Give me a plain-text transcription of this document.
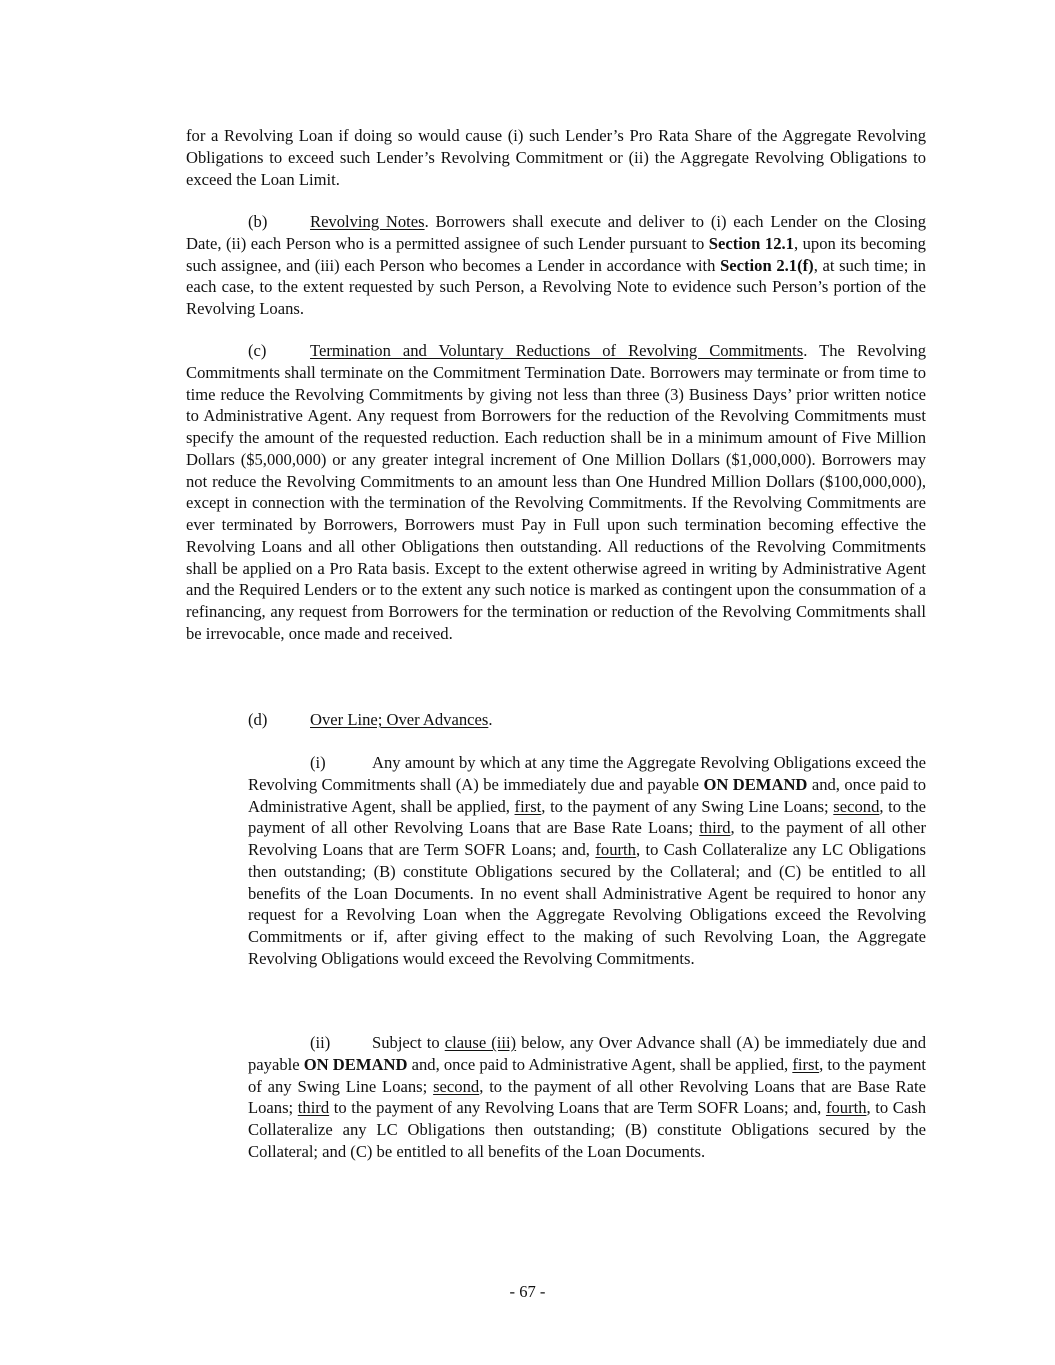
for a Revolving Loan if doing so would cause (i) such Lender’s Pro Rata Share of the Aggregate Revolving Obligations to exceed such Lender’s Revolving Commitment or (ii) the Aggregate Revolving Obligations to exceed the Loan Limit.

(b)	Revolving Notes. Borrowers shall execute and deliver to (i) each Lender on the Closing Date, (ii) each Person who is a permitted assignee of such Lender pursuant to Section 12.1, upon its becoming such assignee, and (iii) each Person who becomes a Lender in accordance with Section 2.1(f), at such time; in each case, to the extent requested by such Person, a Revolving Note to evidence such Person’s portion of the Revolving Loans.

(c)	Termination and Voluntary Reductions of Revolving Commitments. The Revolving Commitments shall terminate on the Commitment Termination Date. Borrowers may terminate or from time to time reduce the Revolving Commitments by giving not less than three (3) Business Days’ prior written notice to Administrative Agent. Any request from Borrowers for the reduction of the Revolving Commitments must specify the amount of the requested reduction. Each reduction shall be in a minimum amount of Five Million Dollars ($5,000,000) or any greater integral increment of One Million Dollars ($1,000,000). Borrowers may not reduce the Revolving Commitments to an amount less than One Hundred Million Dollars ($100,000,000), except in connection with the termination of the Revolving Commitments. If the Revolving Commitments are ever terminated by Borrowers, Borrowers must Pay in Full upon such termination becoming effective the Revolving Loans and all other Obligations then outstanding. All reductions of the Revolving Commitments shall be applied on a Pro Rata basis. Except to the extent otherwise agreed in writing by Administrative Agent and the Required Lenders or to the extent any such notice is marked as contingent upon the consummation of a refinancing, any request from Borrowers for the termination or reduction of the Revolving Commitments shall be irrevocable, once made and received.

(d)	Over Line; Over Advances.

(i)	Any amount by which at any time the Aggregate Revolving Obligations exceed the Revolving Commitments shall (A) be immediately due and payable ON DEMAND and, once paid to Administrative Agent, shall be applied, first, to the payment of any Swing Line Loans; second, to the payment of all other Revolving Loans that are Base Rate Loans; third, to the payment of all other Revolving Loans that are Term SOFR Loans; and, fourth, to Cash Collateralize any LC Obligations then outstanding; (B) constitute Obligations secured by the Collateral; and (C) be entitled to all benefits of the Loan Documents. In no event shall Administrative Agent be required to honor any request for a Revolving Loan when the Aggregate Revolving Obligations exceed the Revolving Commitments or if, after giving effect to the making of such Revolving Loan, the Aggregate Revolving Obligations would exceed the Revolving Commitments.

(ii)	Subject to clause (iii) below, any Over Advance shall (A) be immediately due and payable ON DEMAND and, once paid to Administrative Agent, shall be applied, first, to the payment of any Swing Line Loans; second, to the payment of all other Revolving Loans that are Base Rate Loans; third to the payment of any Revolving Loans that are Term SOFR Loans; and, fourth, to Cash Collateralize any LC Obligations then outstanding; (B) constitute Obligations secured by the Collateral; and (C) be entitled to all benefits of the Loan Documents.

- 67 -
